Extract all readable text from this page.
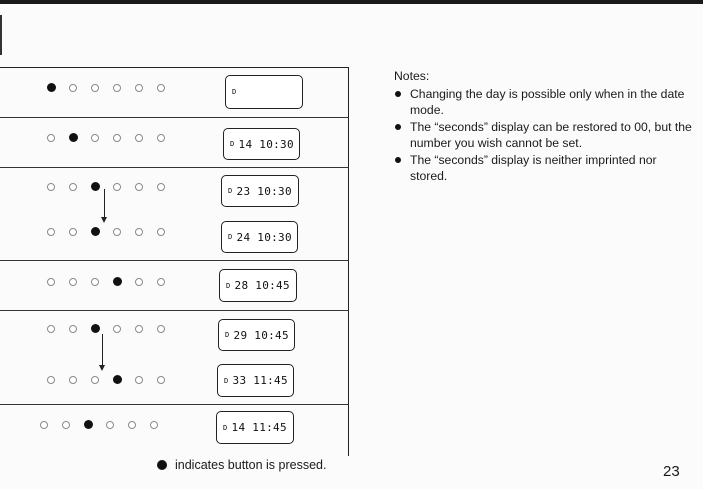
D
D 14 10:30
D 23 10:30
D 24 10:30
D 28 10:45
D 29 10:45
D 33 11:45
D 14 11:45
indicates button is pressed.
Notes:
Changing the day is possible only when in the date mode.
The “seconds” display can be restored to 00, but the number you wish cannot be set.
The “seconds” display is neither imprinted nor stored.
23
